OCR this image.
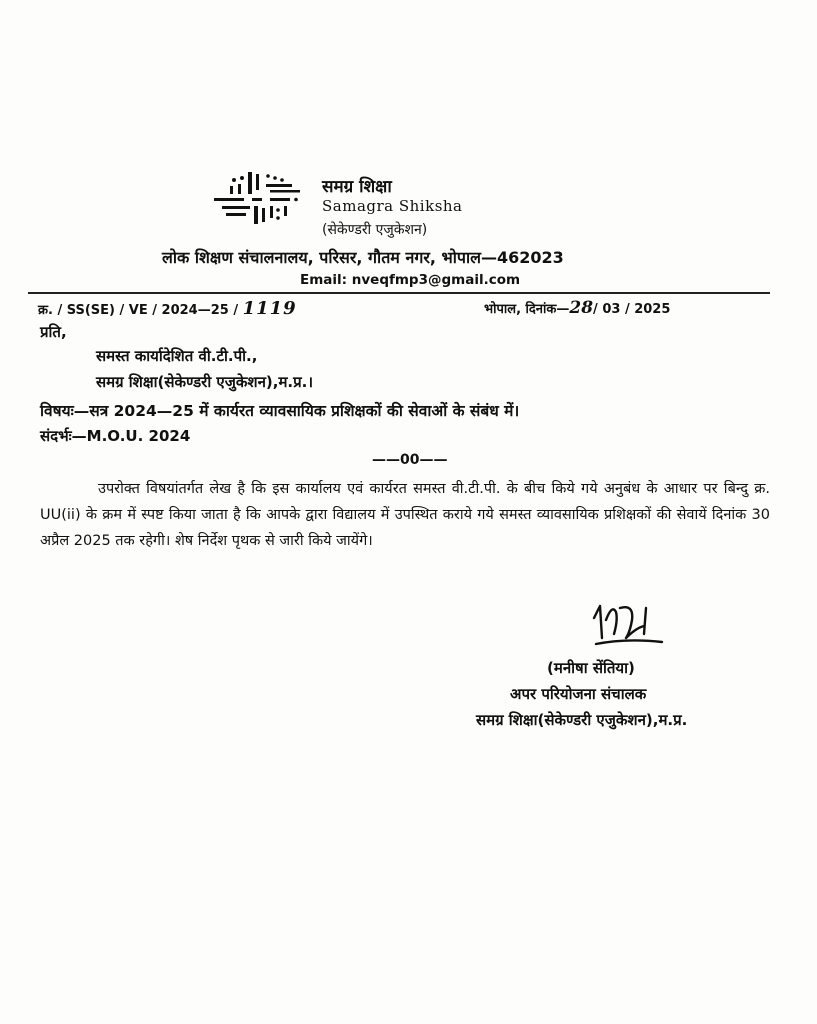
समग्र शिक्षा
Samagra Shiksha
(सेकेण्डरी एजुकेशन)
लोक शिक्षण संचालनालय, परिसर, गौतम नगर, भोपाल—462023
Email: nveqfmp3@gmail.com
क्र. / SS(SE) / VE / 2024—25 / 1119	भोपाल, दिनांक—28/ 03 / 2025
प्रति,
समस्त कार्यादेशित वी.टी.पी.,
समग्र शिक्षा(सेकेण्डरी एजुकेशन),म.प्र.।
विषयः—सत्र 2024—25 में कार्यरत व्यावसायिक प्रशिक्षकों की सेवाओं के संबंध में।
संदर्भः—M.O.U. 2024
——00——
उपरोक्त विषयांतर्गत लेख है कि इस कार्यालय एवं कार्यरत समस्त वी.टी.पी. के बीच किये गये अनुबंध के आधार पर बिन्दु क्र. UU(ii) के क्रम में स्पष्ट किया जाता है कि आपके द्वारा विद्यालय में उपस्थित कराये गये समस्त व्यावसायिक प्रशिक्षकों की सेवायें दिनांक 30 अप्रैल 2025 तक रहेगी। शेष निर्देश पृथक से जारी किये जायेंगे।
(मनीषा सेंतिया)
अपर परियोजना संचालक
समग्र शिक्षा(सेकेण्डरी एजुकेशन),म.प्र.
